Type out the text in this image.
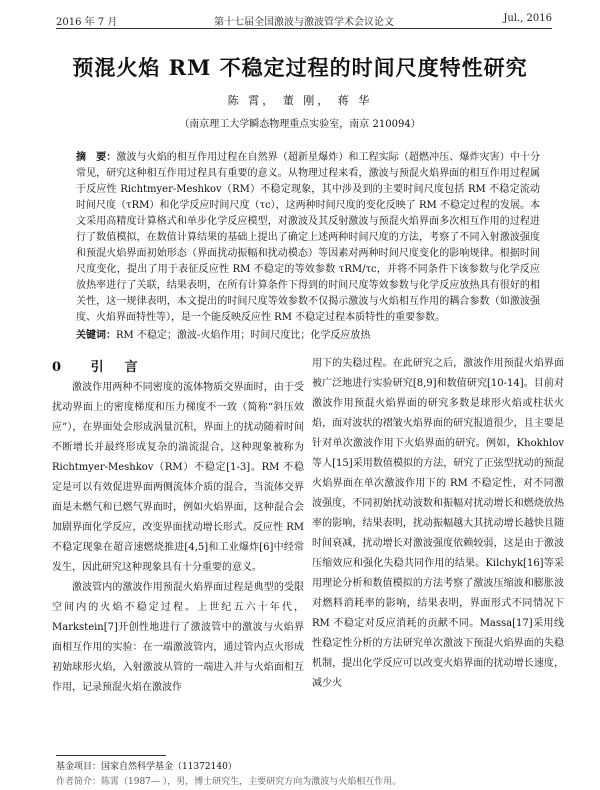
2016 年 7 月	第十七届全国激波与激波管学术会议论文	Jul., 2016
预混火焰 RM 不稳定过程的时间尺度特性研究
陈 霄， 董 刚， 蒋 华
（南京理工大学瞬态物理重点实验室，南京 210094）

摘　要：激波与火焰的相互作用过程在自然界（超新星爆炸）和工程实际（超燃冲压、爆炸灾害）中十分常见，研究这种相互作用过程具有重要的意义。从物理过程来看，激波与预混火焰界面的相互作用过程属于反应性 Richtmyer-Meshkov（RM）不稳定现象，其中涉及到的主要时间尺度包括 RM 不稳定流动时间尺度（τRM）和化学反应时间尺度（τc），这两种时间尺度的变化反映了 RM 不稳定过程的发展。本文采用高精度计算格式和单步化学反应模型，对激波及其反射激波与预混火焰界面多次相互作用的过程进行了数值模拟，在数值计算结果的基础上提出了确定上述两种时间尺度的方法，考察了不同入射激波强度和预混火焰界面初始形态（界面扰动振幅和扰动模态）等因素对两种时间尺度变化的影响规律。根据时间尺度变化，提出了用于表征反应性 RM 不稳定的等效参数 τRM/τc，并将不同条件下该参数与化学反应放热率进行了关联，结果表明，在所有计算条件下得到的时间尺度等效参数与化学反应放热具有很好的相关性，这一规律表明，本文提出的时间尺度等效参数不仅揭示激波与火焰相互作用的耦合参数（如激波强度、火焰界面特性等），是一个能反映反应性 RM 不稳定过程本质特性的重要参数。

0 引　言

激波作用两种不同密度的流体物质交界面时，由于受扰动界面上的密度梯度和压力梯度不一致（简称“斜压效应”），在界面处会形成涡量沉积，界面上的扰动随着时间不断增长并最终形成复杂的湍流混合，这种现象被称为 Richtmyer-Meshkov（RM）不稳定[1-3]。RM 不稳定是可以有效促进界面两侧流体介质的混合，当流体交界面是未燃气和已燃气界面时，例如火焰界面，这种混合会加剧界面化学反应，改变界面扰动增长形式。反应性 RM 不稳定现象在超音速燃烧推进[4,5]和工业爆炸[6]中经常发生，因此研究这种现象具有十分重要的意义。

激波管内的激波作用预混火焰界面过程是典型的受限空间内的火焰不稳定过程。上世纪五六十年代，Markstein[7]开创性地进行了激波管中的激波与火焰界面相互作用的实验：在一端激波管内，通过管内点火形成初始球形火焰，入射激波从管的一端进入并与火焰面相互作用，记录预混火焰在激波作

用下的失稳过程。在此研究之后，激波作用预混火焰界面被广泛地进行实验研究[8,9]和数值研究[10-14]。目前对激波作用预混火焰界面的研究多数是球形火焰或柱状火焰，面对波状的褶皱火焰界面的研究报道很少，且主要是针对单次激波作用下火焰界面的研究。例如，Khokhlov 等人[15]采用数值模拟的方法，研究了正弦型扰动的预混火焰界面在单次激波作用下的 RM 不稳定性，对不同激波强度，不同初始扰动波数和振幅对扰动增长和燃烧放热率的影响，结果表明，扰动振幅越大其扰动增长越快且随时间衰减，扰动增长对激波强度依赖较弱，这是由于激波压缩效应和强化失稳共同作用的结果。Kilchyk[16]等采用理论分析和数值模拟的方法考察了激波压缩波和膨胀波对燃料消耗率的影响，结果表明，界面形式不同情况下 RM 不稳定对反应消耗的贡献不同。Massa[17]采用线性稳定性分析的方法研究单次激波下预混火焰界面的失稳机制，提出化学反应可以改变火焰界面的扰动增长速度，减少火

基金项目：国家自然科学基金（11372140）
作者简介：陈霄（1987— ），男，博士研究生，主要研究方向为激波与火焰相互作用。

关键词：RM 不稳定；激波-火焰作用；时间尺度比；化学反应放热
